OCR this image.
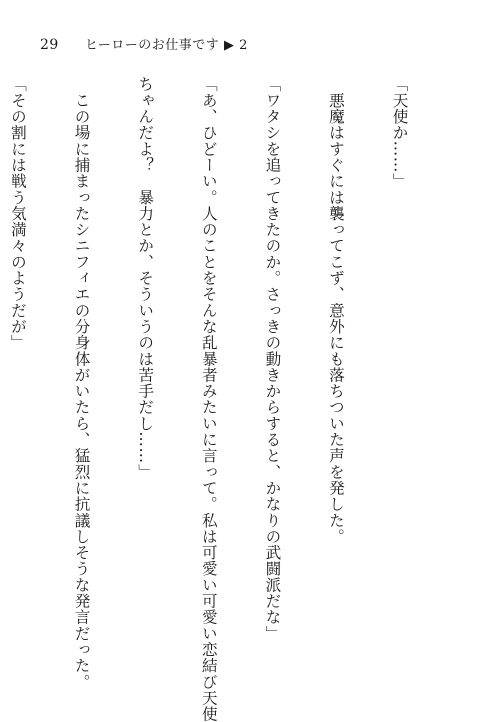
29 ヒーローのお仕事です ▶ 2

「天使か……」

　悪魔はすぐには襲ってこず、意外にも落ちついた声を発した。

「ワタシを追ってきたのか。さっきの動きからすると、かなりの武闘派だな」

「あ、ひどーい。人のことをそんな乱暴者みたいに言って。私は可愛い可愛い恋結び天使

ちゃんだよ？　暴力とか、そういうのは苦手だし……」

　この場に捕まったシニフィエの分身体がいたら、猛烈に抗議しそうな発言だった。

「その割には戦う気満々のようだが」
